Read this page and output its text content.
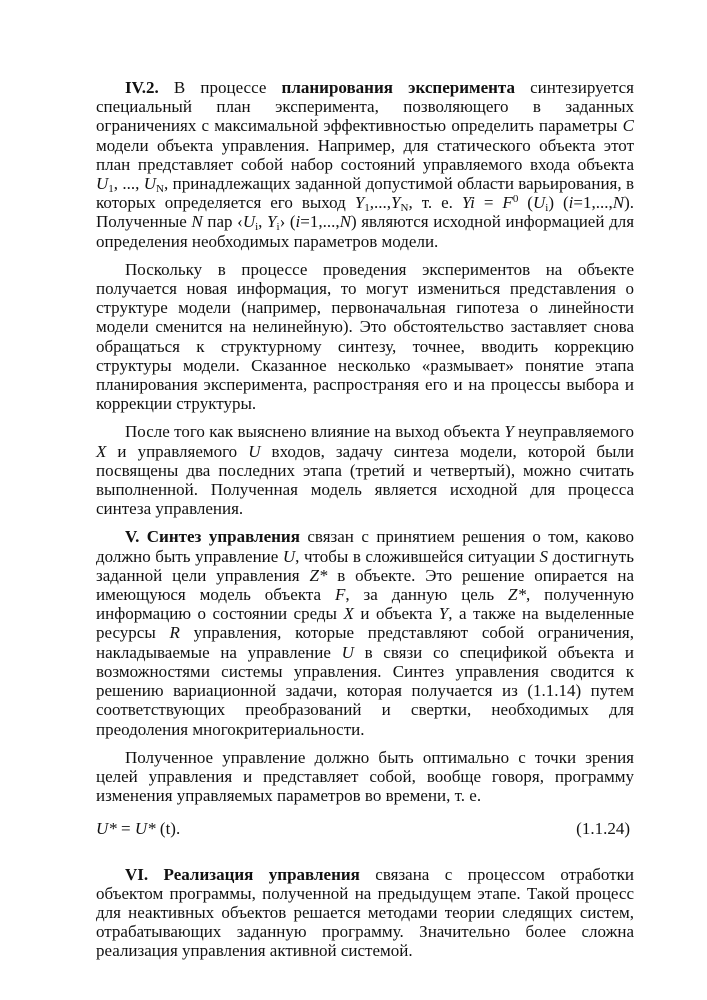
IV.2. В процессе планирования эксперимента синтезируется специальный план эксперимента, позволяющего в заданных ограничениях с максимальной эффективностью определить параметры C модели объекта управления. Например, для статического объекта этот план представляет собой набор состояний управляемого входа объекта $U_1$, ..., $U_N$, принадлежащих заданной допустимой области варьирования, в которых определяется его выход $Y_1,...,Y_N$, т. е. $Yi = F^0$ $(U_i)$ (i=1,...,N). Полученные N пар $‹U_i$, $Y_i›$ (i=1,...,N) являются исходной информацией для определения необходимых параметров модели.

Поскольку в процессе проведения экспериментов на объекте получается новая информация, то могут измениться представления о структуре модели (например, первоначальная гипотеза о линейности модели сменится на нелинейную). Это обстоятельство заставляет снова обращаться к структурному синтезу, точнее, вводить коррекцию структуры модели. Сказанное несколько «размывает» понятие этапа планирования эксперимента, распространяя его и на процессы выбора и коррекции структуры.

После того как выяснено влияние на выход объекта Y неуправляемого X и управляемого U входов, задачу синтеза модели, которой были посвящены два последних этапа (третий и четвертый), можно считать выполненной. Полученная модель является исходной для процесса синтеза управления.

V. Синтез управления связан с принятием решения о том, каково должно быть управление U, чтобы в сложившейся ситуации S достигнуть заданной цели управления Z* в объекте. Это решение опирается на имеющуюся модель объекта F, за данную цель Z*, полученную информацию о состоянии среды X и объекта Y, а также на выделенные ресурсы R управления, которые представляют собой ограничения, накладываемые на управление U в связи со спецификой объекта и возможностями системы управления. Синтез управления сводится к решению вариационной задачи, которая получается из (1.1.14) путем соответствующих преобразований и свертки, необходимых для преодоления многокритериальности.

Полученное управление должно быть оптимально с точки зрения целей управления и представляет собой, вообще говоря, программу изменения управляемых параметров во времени, т. е.

U* = U* (t).	(1.1.24)

VI. Реализация управления связана с процессом отработки объектом программы, полученной на предыдущем этапе. Такой процесс для неактивных объектов решается методами теории следящих систем, отрабатывающих заданную программу. Значительно более сложна реализация управления активной системой.
